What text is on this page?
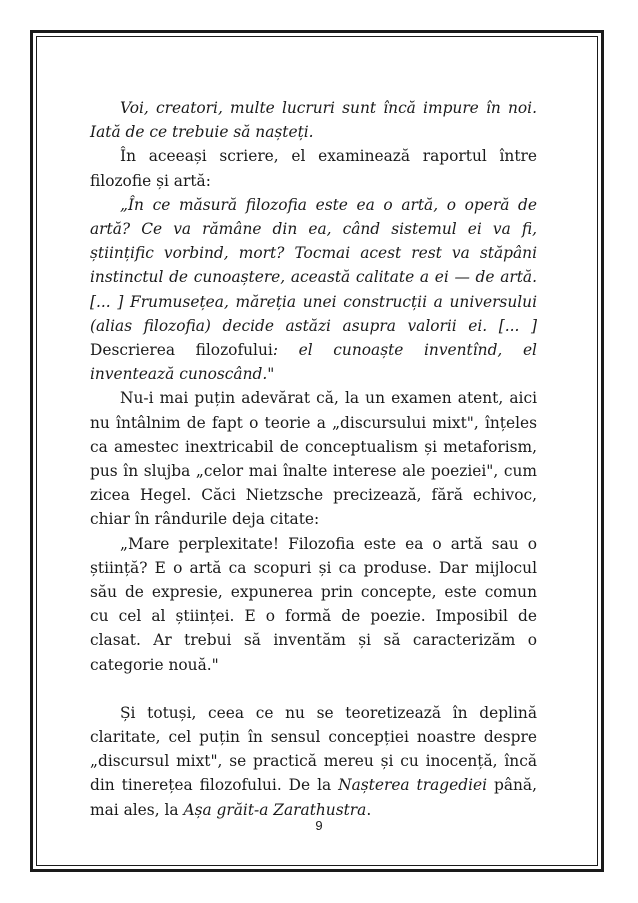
Voi, creatori, multe lucruri sunt încă impure în noi. Iată de ce trebuie să nașteți.

În aceeași scriere, el examinează raportul între filozofie și artă:

„În ce măsură filozofia este ea o artă, o operă de artă? Ce va rămâne din ea, când sistemul ei va fi, științific vorbind, mort? Tocmai acest rest va stăpâni instinctul de cunoaștere, această calitate a ei — de artă. [... ] Frumusețea, măreția unei construcții a universului (alias filozofia) decide astăzi asupra valorii ei. [... ] Descrierea filozofului: el cunoaște inventînd, el inventează cunoscând."

Nu-i mai puțin adevărat că, la un examen atent, aici nu întâlnim de fapt o teorie a „discursului mixt", înțeles ca amestec inextricabil de conceptualism și metaforism, pus în slujba „celor mai înalte interese ale poeziei", cum zicea Hegel. Căci Nietzsche precizează, fără echivoc, chiar în rândurile deja citate:

„Mare perplexitate! Filozofia este ea o artă sau o știință? E o artă ca scopuri și ca produse. Dar mijlocul său de expresie, expunerea prin concepte, este comun cu cel al științei. E o formă de poezie. Imposibil de clasat. Ar trebui să inventăm și să caracterizăm o categorie nouă."

Și totuși, ceea ce nu se teoretizează în deplină claritate, cel puțin în sensul concepției noastre despre „discursul mixt", se practică mereu și cu inocență, încă din tinerețea filozofului. De la Nașterea tragediei până, mai ales, la Așa grăit-a Zarathustra.

9
